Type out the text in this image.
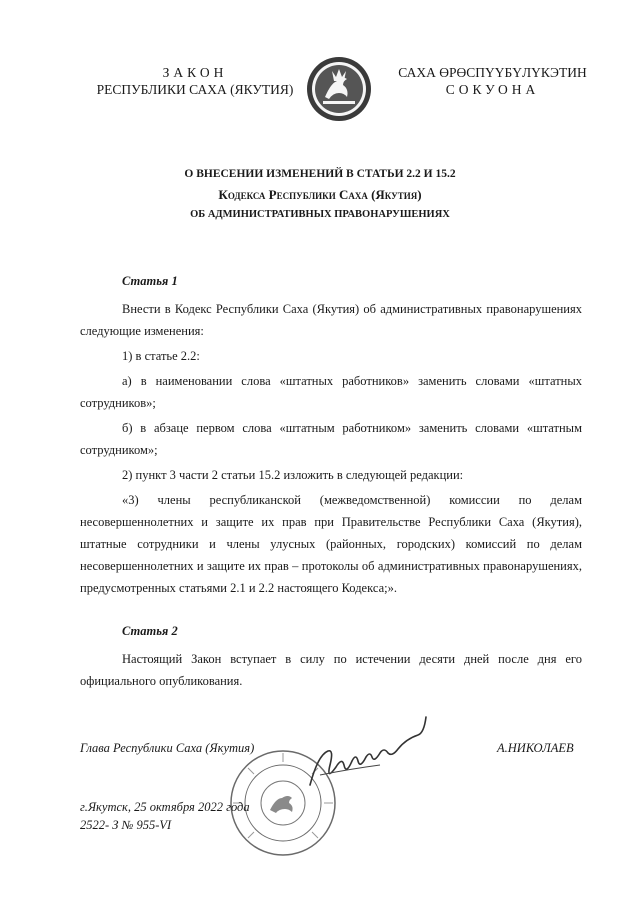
ЗАКОН
РЕСПУБЛИКИ САХА (ЯКУТИЯ)
САХА ӨРӨСПҮҮБҮЛҮКЭТИН
СОКУОНА
О ВНЕСЕНИИ ИЗМЕНЕНИЙ В СТАТЬИ 2.2 И 15.2
Кодекса Республики Саха (Якутия)
ОБ АДМИНИСТРАТИВНЫХ ПРАВОНАРУШЕНИЯХ
Статья 1

Внести в Кодекс Республики Саха (Якутия) об административных правонарушениях следующие изменения:

1) в статье 2.2:

а) в наименовании слова «штатных работников» заменить словами «штатных сотрудников»;

б) в абзаце первом слова «штатным работником» заменить словами «штатным сотрудником»;

2) пункт 3 части 2 статьи 15.2 изложить в следующей редакции:

«3) члены республиканской (межведомственной) комиссии по делам несовершеннолетних и защите их прав при Правительстве Республики Саха (Якутия), штатные сотрудники и члены улусных (районных, городских) комиссий по делам несовершеннолетних и защите их прав – протоколы об административных правонарушениях, предусмотренных статьями 2.1 и 2.2 настоящего Кодекса;».

Статья 2

Настоящий Закон вступает в силу по истечении десяти дней после дня его официального опубликования.

Глава Республики Саха (Якутия)	А.НИКОЛАЕВ
г.Якутск, 25 октября 2022 года
2522- З № 955-VI
